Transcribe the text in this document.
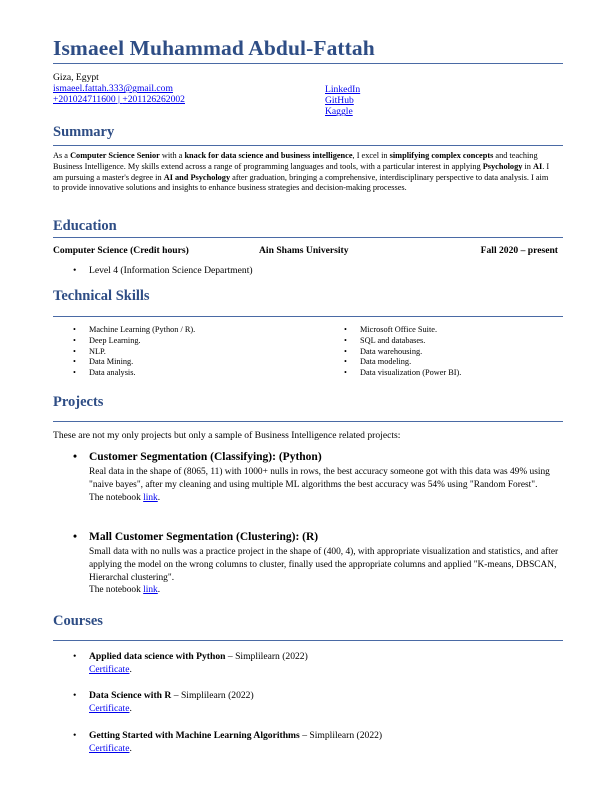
Ismaeel Muhammad Abdul-Fattah
Giza, Egypt
ismaeel.fattah.333@gmail.com
+201024711600 | +201126262002
LinkedIn
GitHub
Kaggle
Summary
As a Computer Science Senior with a knack for data science and business intelligence, I excel in simplifying complex concepts and teaching Business Intelligence. My skills extend across a range of programming languages and tools, with a particular interest in applying Psychology in AI. I am pursuing a master's degree in AI and Psychology after graduation, bringing a comprehensive, interdisciplinary perspective to data analysis. I aim to provide innovative solutions and insights to enhance business strategies and decision-making processes.
Education
Computer Science (Credit hours)	Ain Shams University	Fall 2020 – present
• Level 4 (Information Science Department)
Technical Skills
• Machine Learning (Python / R).
• Deep Learning.
• NLP.
• Data Mining.
• Data analysis.
• Microsoft Office Suite.
• SQL and databases.
• Data warehousing.
• Data modeling.
• Data visualization (Power BI).
Projects
These are not my only projects but only a sample of Business Intelligence related projects:
• Customer Segmentation (Classifying): (Python)
Real data in the shape of (8065, 11) with 1000+ nulls in rows, the best accuracy someone got with this data was 49% using "naive bayes", after my cleaning and using multiple ML algorithms the best accuracy was 54% using "Random Forest".
The notebook link.
• Mall Customer Segmentation (Clustering): (R)
Small data with no nulls was a practice project in the shape of (400, 4), with appropriate visualization and statistics, and after applying the model on the wrong columns to cluster, finally used the appropriate columns and applied "K-means, DBSCAN, Hierarchal clustering".
The notebook link.
Courses
• Applied data science with Python – Simplilearn (2022)
Certificate.
• Data Science with R – Simplilearn (2022)
Certificate.
• Getting Started with Machine Learning Algorithms – Simplilearn (2022)
Certificate.
